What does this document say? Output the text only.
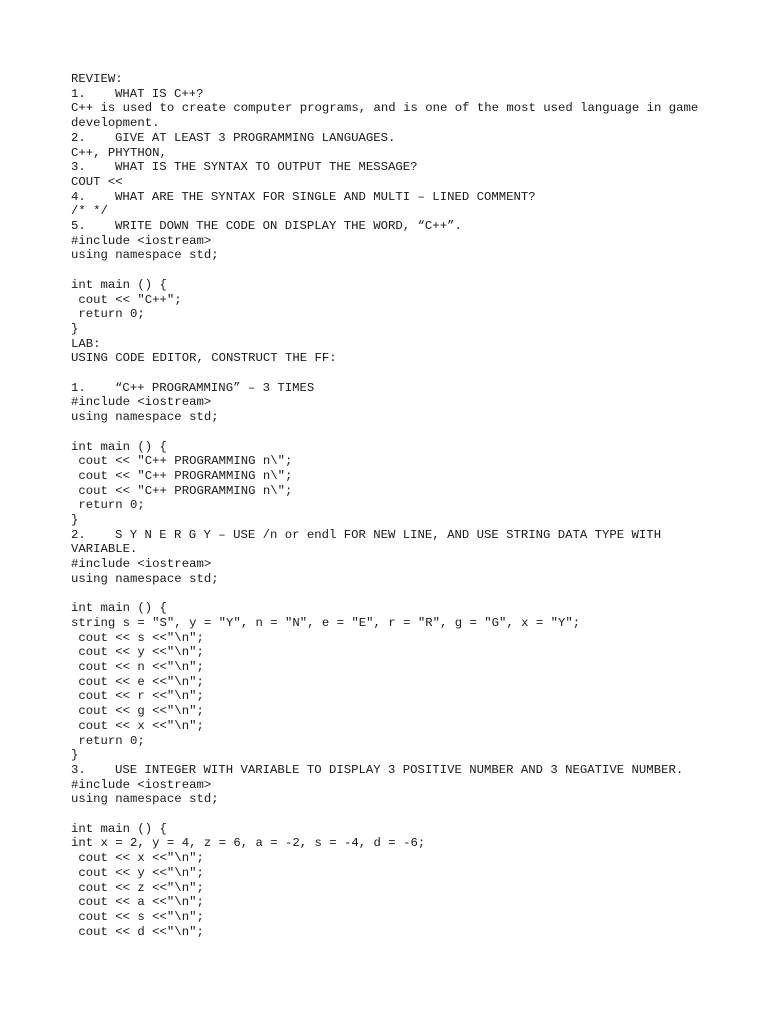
REVIEW:
1. WHAT IS C++?
C++ is used to create computer programs, and is one of the most used language in game development.
2. GIVE AT LEAST 3 PROGRAMMING LANGUAGES.
C++, PHYTHON,
3. WHAT IS THE SYNTAX TO OUTPUT THE MESSAGE?
COUT <<
4. WHAT ARE THE SYNTAX FOR SINGLE AND MULTI – LINED COMMENT?
/* */
5. WRITE DOWN THE CODE ON DISPLAY THE WORD, “C++”.
#include <iostream>
using namespace std;
int main () {
cout << "C++";
return 0;
}
LAB:
USING CODE EDITOR, CONSTRUCT THE FF:
1. “C++ PROGRAMMING” – 3 TIMES
#include <iostream>
using namespace std;
int main () {
cout << "C++ PROGRAMMING n\";
cout << "C++ PROGRAMMING n\";
cout << "C++ PROGRAMMING n\";
return 0;
}
2. S Y N E R G Y – USE /n or endl FOR NEW LINE, AND USE STRING DATA TYPE WITH VARIABLE.
#include <iostream>
using namespace std;
int main () {
string s = "S", y = "Y", n = "N", e = "E", r = "R", g = "G", x = "Y";
cout << s <<"\n";
cout << y <<"\n";
cout << n <<"\n";
cout << e <<"\n";
cout << r <<"\n";
cout << g <<"\n";
cout << x <<"\n";
return 0;
}
3. USE INTEGER WITH VARIABLE TO DISPLAY 3 POSITIVE NUMBER AND 3 NEGATIVE NUMBER.
#include <iostream>
using namespace std;
int main () {
int x = 2, y = 4, z = 6, a = -2, s = -4, d = -6;
cout << x <<"\n";
cout << y <<"\n";
cout << z <<"\n";
cout << a <<"\n";
cout << s <<"\n";
cout << d <<"\n";
